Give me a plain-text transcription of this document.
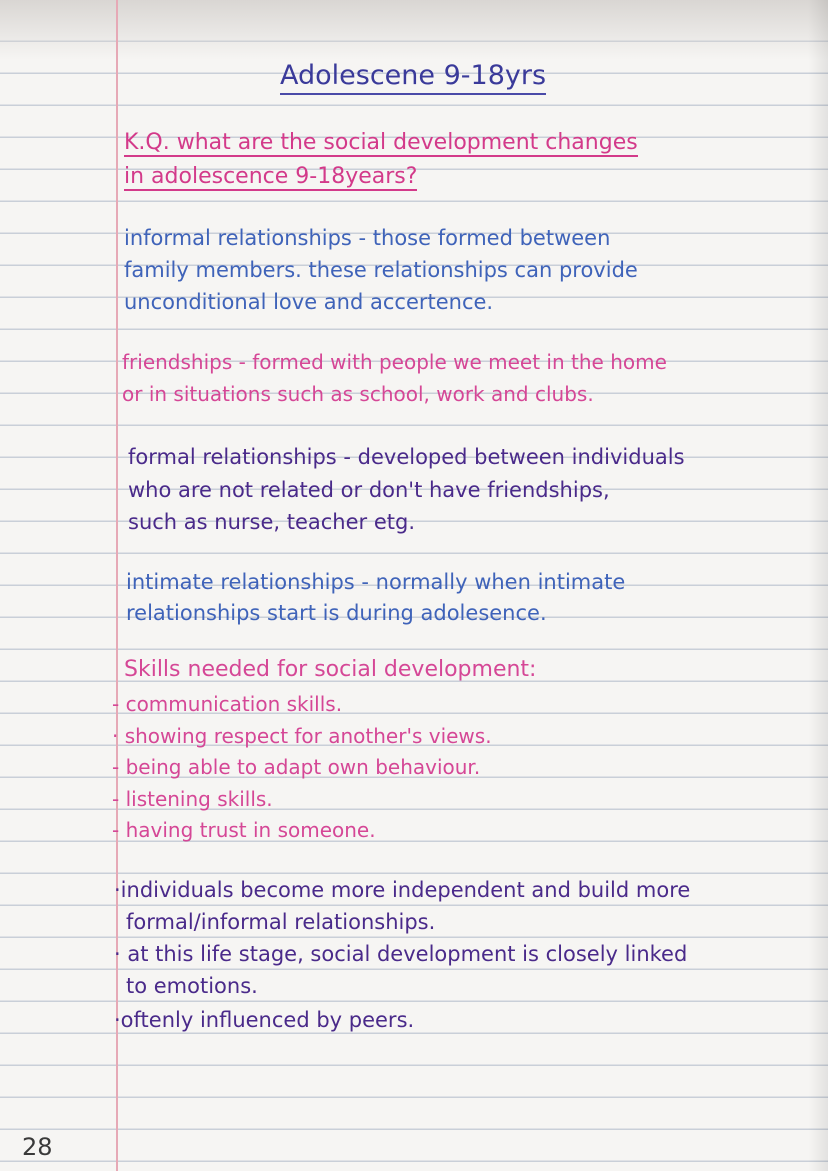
Adolescene 9-18yrs
K.Q. what are the social development changes
in adolescence 9-18years?
informal relationships - those formed between
family members. these relationships can provide
unconditional love and accertence.
friendships - formed with people we meet in the home
or in situations such as school, work and clubs.
formal relationships - developed between individuals
who are not related or don't have friendships,
such as nurse, teacher etg.
intimate relationships - normally when intimate
relationships start is during adolesence.
Skills needed for social development:
- communication skills.
· showing respect for another's views.
- being able to adapt own behaviour.
- listening skills.
- having trust in someone.
·individuals become more independent and build more
formal/informal relationships.
· at this life stage, social development is closely linked
to emotions.
·oftenly influenced by peers.
28
